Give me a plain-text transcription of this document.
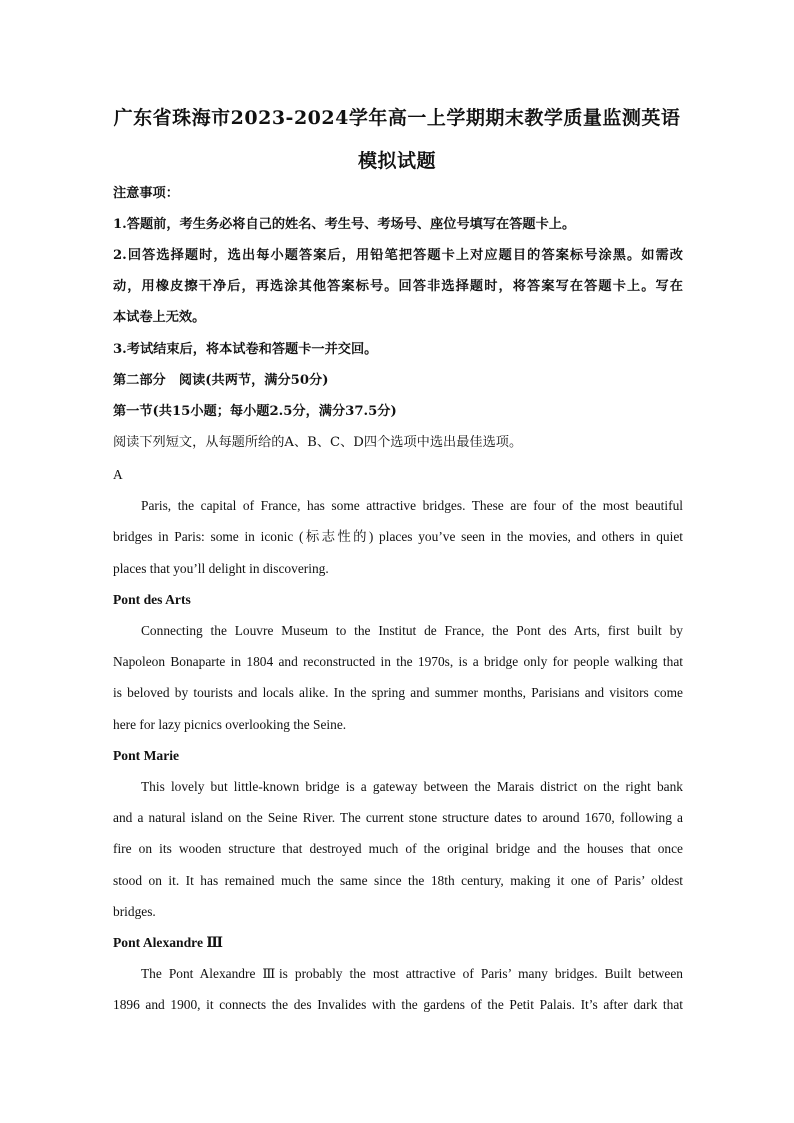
广东省珠海市2023-2024学年高一上学期期末教学质量监测英语
模拟试题
注意事项：
1.答题前，考生务必将自己的姓名、考生号、考场号、座位号填写在答题卡上。
2.回答选择题时，选出每小题答案后，用铅笔把答题卡上对应题目的答案标号涂黑。如需改
动，用橡皮擦干净后，再选涂其他答案标号。回答非选择题时，将答案写在答题卡上。写在
本试卷上无效。
3.考试结束后，将本试卷和答题卡一并交回。
第二部分　阅读(共两节，满分50分)
第一节(共15小题；每小题2.5分，满分37.5分)
阅读下列短文，从每题所给的A、B、C、D四个选项中选出最佳选项。
A
Paris, the capital of France, has some attractive bridges. These are four of the most beautiful
bridges in Paris: some in iconic (标志性的) places you’ve seen in the movies, and others in quiet
places that you’ll delight in discovering.
Pont des Arts
Connecting the Louvre Museum to the Institut de France, the Pont des Arts, first built by
Napoleon Bonaparte in 1804 and reconstructed in the 1970s, is a bridge only for people walking that
is beloved by tourists and locals alike. In the spring and summer months, Parisians and visitors come
here for lazy picnics overlooking the Seine.
Pont Marie
This lovely but little-known bridge is a gateway between the Marais district on the right bank
and a natural island on the Seine River. The current stone structure dates to around 1670, following a
fire on its wooden structure that destroyed much of the original bridge and the houses that once
stood on it. It has remained much the same since the 18th century, making it one of Paris’ oldest
bridges.
Pont Alexandre Ⅲ
The Pont Alexandre Ⅲis probably the most attractive of Paris’ many bridges. Built between
1896 and 1900, it connects the des Invalides with the gardens of the Petit Palais. It’s after dark that
